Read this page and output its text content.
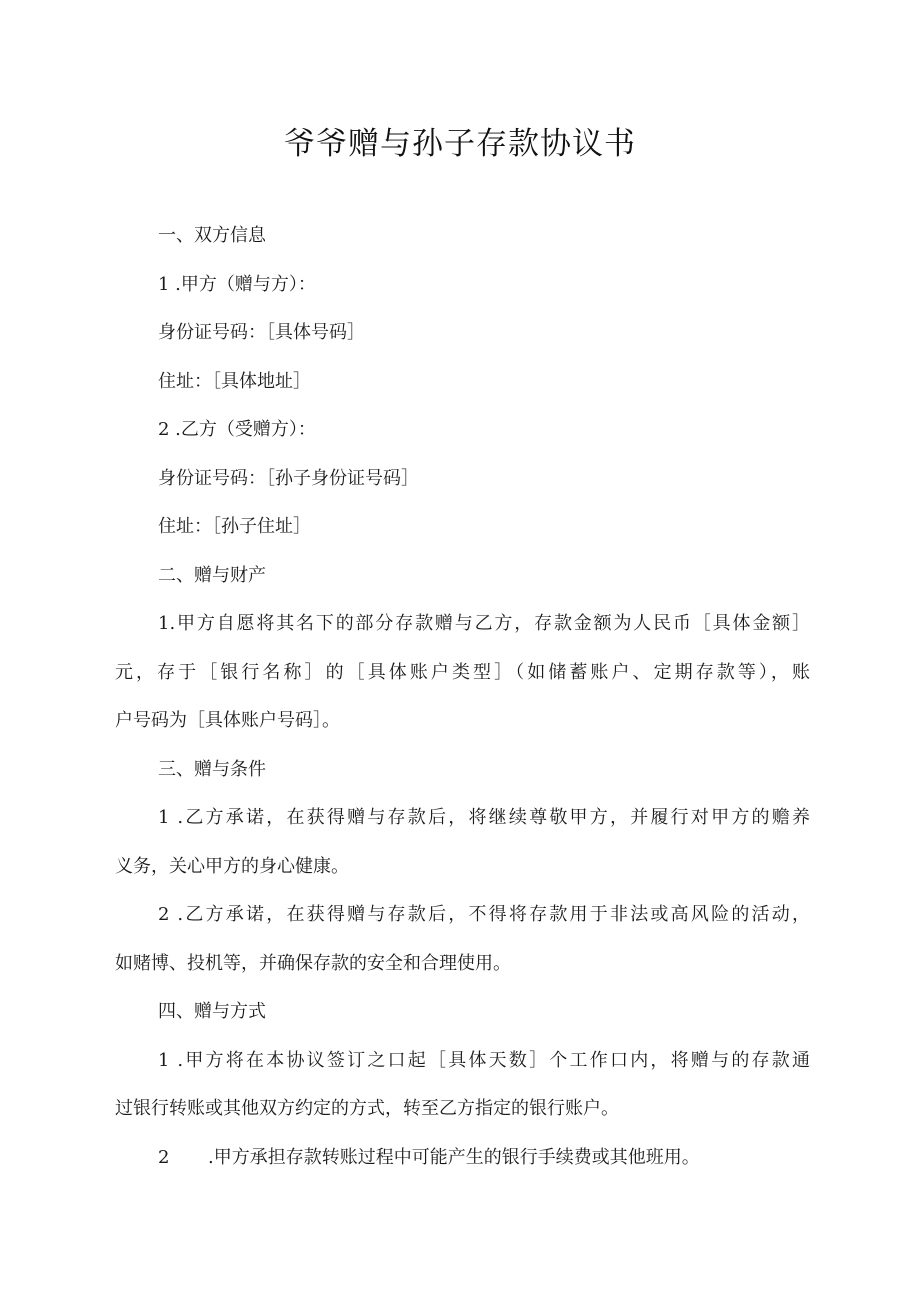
爷爷赠与孙子存款协议书

一、双方信息

1 .甲方（赠与方）：

身份证号码：［具体号码］

住址：［具体地址］

2 .乙方（受赠方）：

身份证号码：［孙子身份证号码］

住址：［孙子住址］

二、赠与财产

1.甲方自愿将其名下的部分存款赠与乙方，存款金额为人民币［具体金额］

元，存于［银行名称］的［具体账户类型］（如储蓄账户、定期存款等），账

户号码为［具体账户号码］。

三、赠与条件

1 .乙方承诺，在获得赠与存款后，将继续尊敬甲方，并履行对甲方的赡养

义务，关心甲方的身心健康。

2 .乙方承诺，在获得赠与存款后，不得将存款用于非法或高风险的活动，

如赌博、投机等，并确保存款的安全和合理使用。

四、赠与方式

1 .甲方将在本协议签订之口起［具体天数］个工作口内，将赠与的存款通

过银行转账或其他双方约定的方式，转至乙方指定的银行账户。

2 .甲方承担存款转账过程中可能产生的银行手续费或其他班用。
